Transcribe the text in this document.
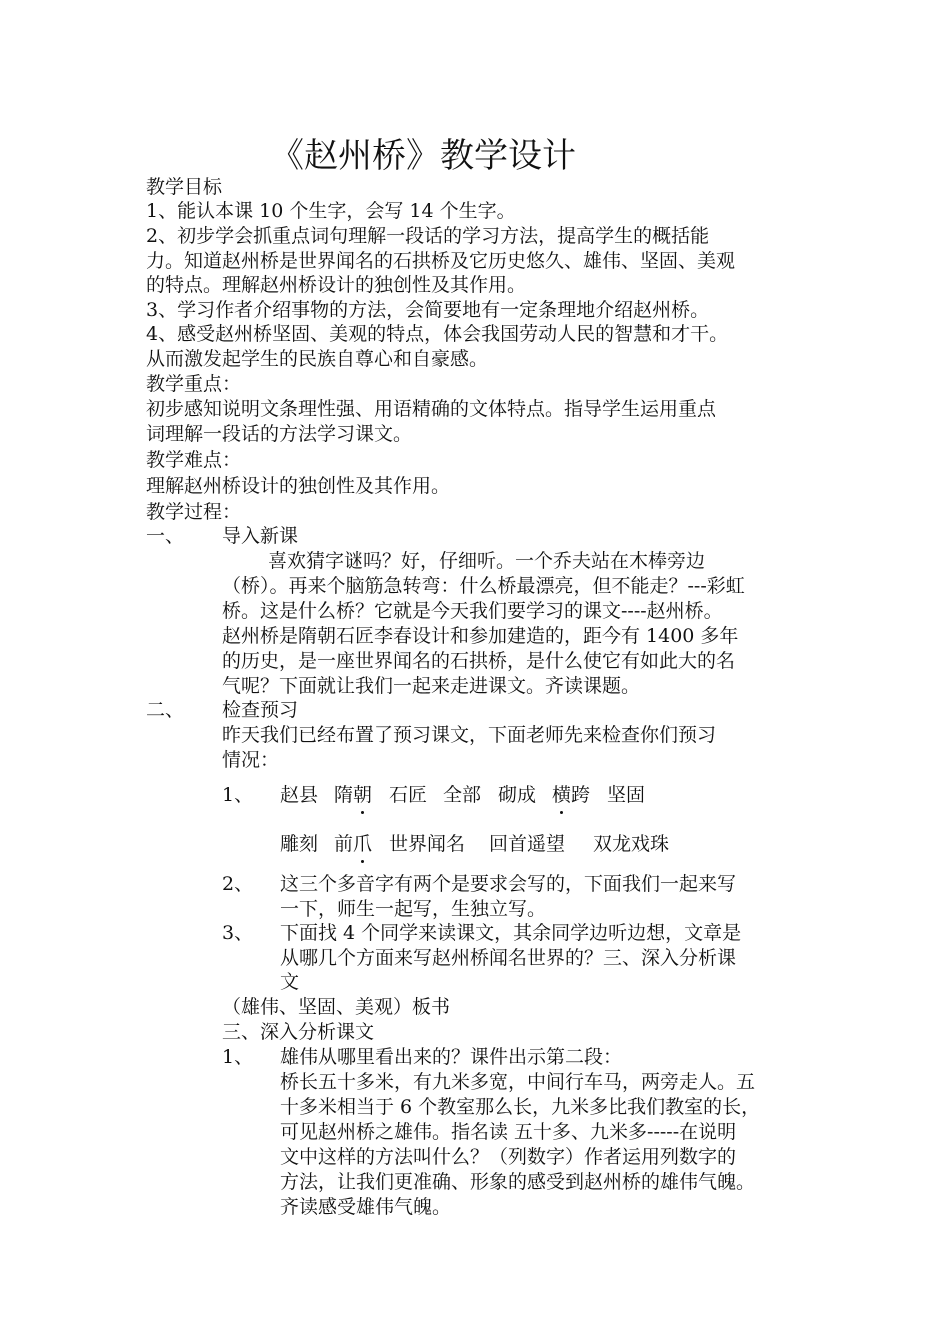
《赵州桥》教学设计
教学目标
1、能认本课 10 个生字，会写 14 个生字。
2、初步学会抓重点词句理解一段话的学习方法，提高学生的概括能
力。知道赵州桥是世界闻名的石拱桥及它历史悠久、雄伟、坚固、美观
的特点。理解赵州桥设计的独创性及其作用。
3、学习作者介绍事物的方法，会简要地有一定条理地介绍赵州桥。
4、感受赵州桥坚固、美观的特点，体会我国劳动人民的智慧和才干。
从而激发起学生的民族自尊心和自豪感。
教学重点：
初步感知说明文条理性强、用语精确的文体特点。指导学生运用重点
词理解一段话的方法学习课文。
教学难点：
理解赵州桥设计的独创性及其作用。
教学过程：
一、 导入新课
喜欢猜字谜吗？好，仔细听。一个乔夫站在木棒旁边
（桥）。再来个脑筋急转弯：什么桥最漂亮，但不能走？---彩虹
桥。这是什么桥？它就是今天我们要学习的课文----赵州桥。
赵州桥是隋朝石匠李春设计和参加建造的，距今有 1400 多年
的历史，是一座世界闻名的石拱桥，是什么使它有如此大的名
气呢？下面就让我们一起来走进课文。齐读课题。
二、 检查预习
昨天我们已经布置了预习课文，下面老师先来检查你们预习
情况：
1、 赵县 隋朝 石匠 全部 砌成 横跨 坚固
雕刻 前爪 世界闻名 回首遥望 双龙戏珠
2、 这三个多音字有两个是要求会写的，下面我们一起来写
一下，师生一起写，生独立写。
3、 下面找 4 个同学来读课文，其余同学边听边想，文章是
从哪几个方面来写赵州桥闻名世界的？三、深入分析课
文
（雄伟、坚固、美观）板书
三、深入分析课文
1、 雄伟从哪里看出来的？课件出示第二段：
桥长五十多米，有九米多宽，中间行车马，两旁走人。五
十多米相当于 6 个教室那么长，九米多比我们教室的长，
可见赵州桥之雄伟。指名读 五十多、九米多-----在说明
文中这样的方法叫什么？（列数字）作者运用列数字的
方法，让我们更准确、形象的感受到赵州桥的雄伟气魄。
齐读感受雄伟气魄。
